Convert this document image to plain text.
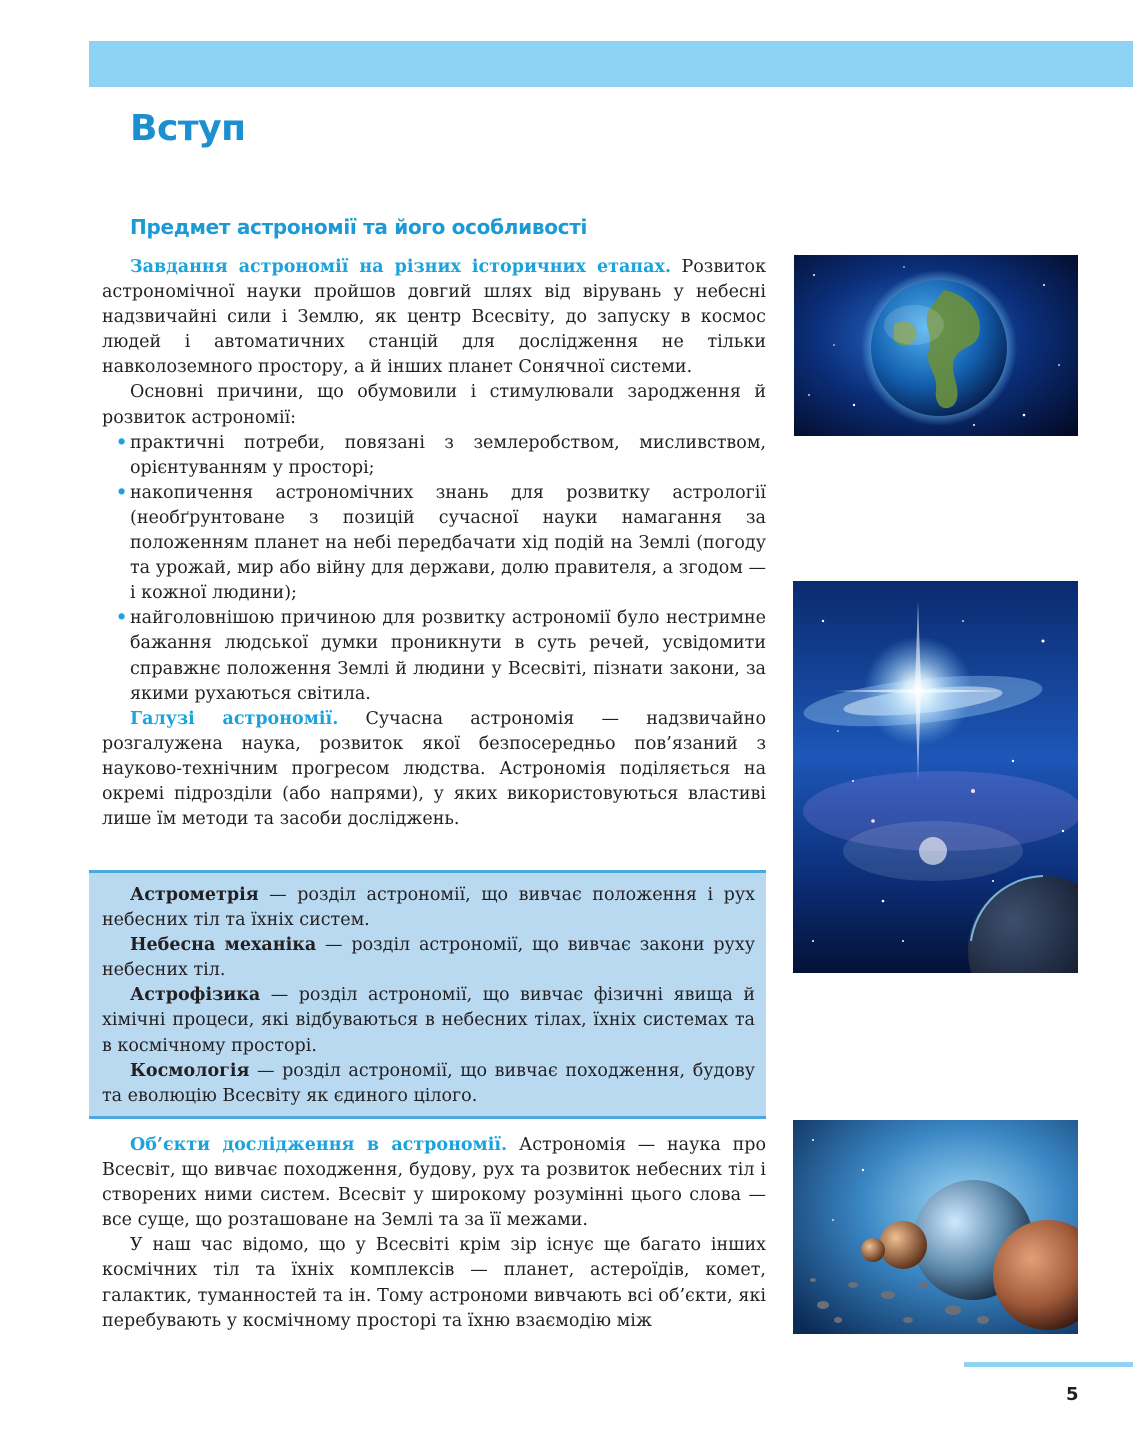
Вступ
Предмет астрономії та його особливості

Завдання астрономії на різних історичних етапах. Розвиток астрономічної науки пройшов довгий шлях від вірувань у небесні надзвичайні сили і Землю, як центр Всесвіту, до запуску в космос людей і автоматичних станцій для дослідження не тільки навколоземного простору, а й інших планет Сонячної системи.

Основні причини, що обумовили і стимулювали зародження й розвиток астрономії:

• практичні потреби, повязані з землеробством, мисливством, орієнтуванням у просторі;
• накопичення астрономічних знань для розвитку астрології (необґрунтоване з позицій сучасної науки намагання за положенням планет на небі передбачати хід подій на Землі (погоду та урожай, мир або війну для держави, долю правителя, а згодом — і кожної людини);
• найголовнішою причиною для розвитку астрономії було нестримне бажання людської думки проникнути в суть речей, усвідомити справжнє положення Землі й людини у Всесвіті, пізнати закони, за якими рухаються світила.

Галузі астрономії. Сучасна астрономія — надзвичайно розгалужена наука, розвиток якої безпосередньо пов’язаний з науково-технічним прогресом людства. Астрономія поділяється на окремі підрозділи (або напрями), у яких використовуються властиві лише їм методи та засоби досліджень.

Астрометрія — розділ астрономії, що вивчає положення і рух небесних тіл та їхніх систем.

Небесна механіка — розділ астрономії, що вивчає закони руху небесних тіл.

Астрофізика — розділ астрономії, що вивчає фізичні явища й хімічні процеси, які відбуваються в небесних тілах, їхніх системах та в космічному просторі.

Космологія — розділ астрономії, що вивчає походження, будову та еволюцію Всесвіту як єдиного цілого.

Об’єкти дослідження в астрономії. Астрономія — наука про Всесвіт, що вивчає походження, будову, рух та розвиток небесних тіл і створених ними систем. Всесвіт у широкому розумінні цього слова — все суще, що розташоване на Землі та за її межами.

У наш час відомо, що у Всесвіті крім зір існує ще багато інших космічних тіл та їхніх комплексів — планет, астероїдів, комет, галактик, туманностей та ін. Тому астрономи вивчають всі об’єкти, які перебувають у космічному просторі та їхню взаємодію між

5
